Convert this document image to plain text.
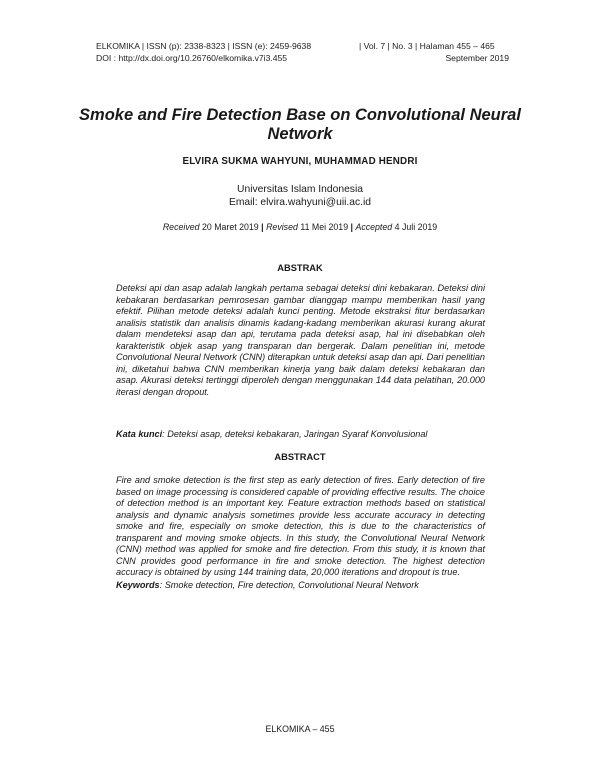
ELKOMIKA | ISSN (p): 2338-8323 | ISSN (e): 2459-9638
DOI : http://dx.doi.org/10.26760/elkomika.v7i3.455
| Vol. 7 | No. 3 | Halaman 455 – 465
September 2019
Smoke and Fire Detection Base on Convolutional Neural Network
ELVIRA SUKMA WAHYUNI, MUHAMMAD HENDRI
Universitas Islam Indonesia
Email: elvira.wahyuni@uii.ac.id
Received 20 Maret 2019 | Revised 11 Mei 2019 | Accepted 4 Juli 2019
ABSTRAK
Deteksi api dan asap adalah langkah pertama sebagai deteksi dini kebakaran. Deteksi dini kebakaran berdasarkan pemrosesan gambar dianggap mampu memberikan hasil yang efektif. Pilihan metode deteksi adalah kunci penting. Metode ekstraksi fitur berdasarkan analisis statistik dan analisis dinamis kadang-kadang memberikan akurasi kurang akurat dalam mendeteksi asap dan api, terutama pada deteksi asap, hal ini disebabkan oleh karakteristik objek asap yang transparan dan bergerak. Dalam penelitian ini, metode Convolutional Neural Network (CNN) diterapkan untuk deteksi asap dan api. Dari penelitian ini, diketahui bahwa CNN memberikan kinerja yang baik dalam deteksi kebakaran dan asap. Akurasi deteksi tertinggi diperoleh dengan menggunakan 144 data pelatihan, 20.000 iterasi dengan dropout.
Kata kunci: Deteksi asap, deteksi kebakaran, Jaringan Syaraf Konvolusional
ABSTRACT
Fire and smoke detection is the first step as early detection of fires. Early detection of fire based on image processing is considered capable of providing effective results. The choice of detection method is an important key. Feature extraction methods based on statistical analysis and dynamic analysis sometimes provide less accurate accuracy in detecting smoke and fire, especially on smoke detection, this is due to the characteristics of transparent and moving smoke objects. In this study, the Convolutional Neural Network (CNN) method was applied for smoke and fire detection. From this study, it is known that CNN provides good performance in fire and smoke detection. The highest detection accuracy is obtained by using 144 training data, 20,000 iterations and dropout is true.
Keywords: Smoke detection, Fire detection, Convolutional Neural Network
ELKOMIKA – 455
